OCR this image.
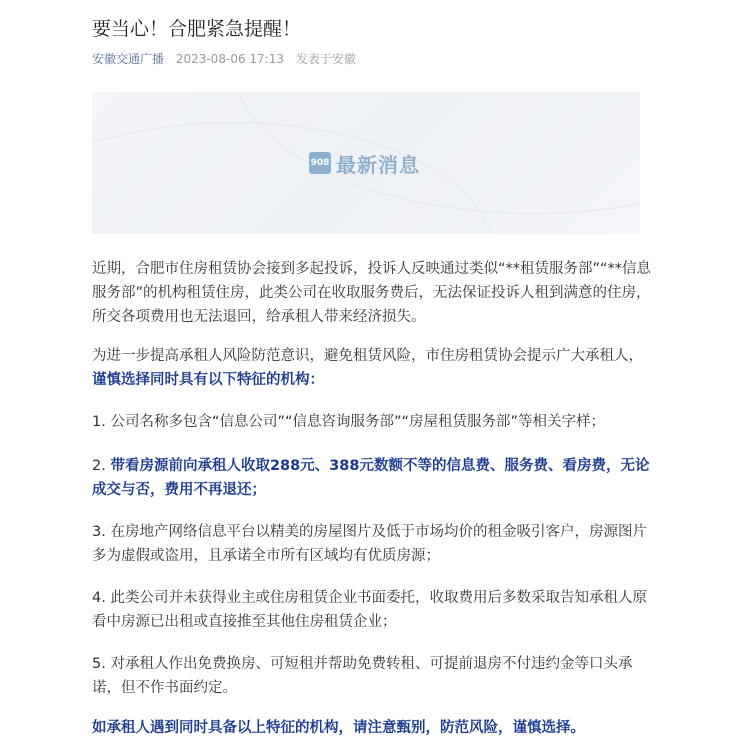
要当心！合肥紧急提醒！
安徽交通广播 2023-08-06 17:13 发表于安徽
908 最新消息

近期，合肥市住房租赁协会接到多起投诉，投诉人反映通过类似“**租赁服务部”“**信息服务部”的机构租赁住房，此类公司在收取服务费后，无法保证投诉人租到满意的住房，所交各项费用也无法退回，给承租人带来经济损失。

为进一步提高承租人风险防范意识，避免租赁风险，市住房租赁协会提示广大承租人，谨慎选择同时具有以下特征的机构：

1. 公司名称多包含“信息公司”“信息咨询服务部”“房屋租赁服务部”等相关字样；

2. 带看房源前向承租人收取288元、388元数额不等的信息费、服务费、看房费，无论成交与否，费用不再退还；

3. 在房地产网络信息平台以精美的房屋图片及低于市场均价的租金吸引客户，房源图片多为虚假或盗用，且承诺全市所有区域均有优质房源；

4. 此类公司并未获得业主或住房租赁企业书面委托，收取费用后多数采取告知承租人原看中房源已出租或直接推至其他住房租赁企业；

5. 对承租人作出免费换房、可短租并帮助免费转租、可提前退房不付违约金等口头承诺，但不作书面约定。

如承租人遇到同时具备以上特征的机构，请注意甄别，防范风险，谨慎选择。
